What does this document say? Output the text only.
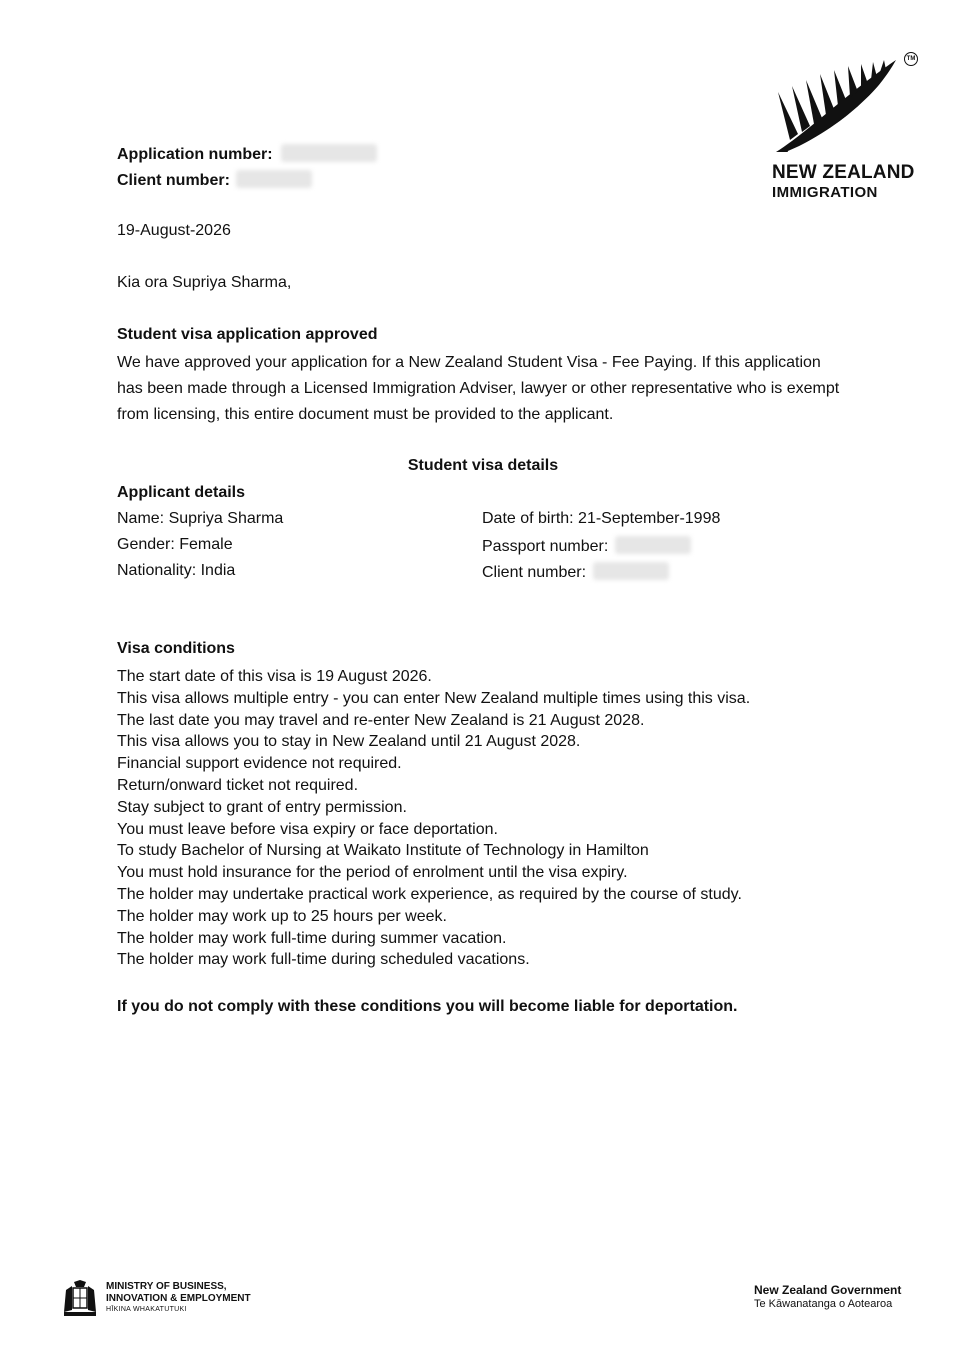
Application number:
Client number:
TM
NEW ZEALAND
IMMIGRATION
19-August-2026
Kia ora Supriya Sharma,
Student visa application approved
We have approved your application for a New Zealand Student Visa - Fee Paying. If this application has been made through a Licensed Immigration Adviser, lawyer or other representative who is exempt from licensing, this entire document must be provided to the applicant.
Student visa details
Applicant details
Name: Supriya Sharma
Gender: Female
Nationality: India
Date of birth: 21-September-1998
Passport number:
Client number:
Visa conditions
The start date of this visa is 19 August 2026.
This visa allows multiple entry - you can enter New Zealand multiple times using this visa.
The last date you may travel and re-enter New Zealand is 21 August 2028.
This visa allows you to stay in New Zealand until 21 August 2028.
Financial support evidence not required.
Return/onward ticket not required.
Stay subject to grant of entry permission.
You must leave before visa expiry or face deportation.
To study Bachelor of Nursing at Waikato Institute of Technology in Hamilton
You must hold insurance for the period of enrolment until the visa expiry.
The holder may undertake practical work experience, as required by the course of study.
The holder may work up to 25 hours per week.
The holder may work full-time during summer vacation.
The holder may work full-time during scheduled vacations.
If you do not comply with these conditions you will become liable for deportation.
MINISTRY OF BUSINESS,
INNOVATION & EMPLOYMENT
HĪKINA WHAKATUTUKI
New Zealand Government
Te Kāwanatanga o Aotearoa
